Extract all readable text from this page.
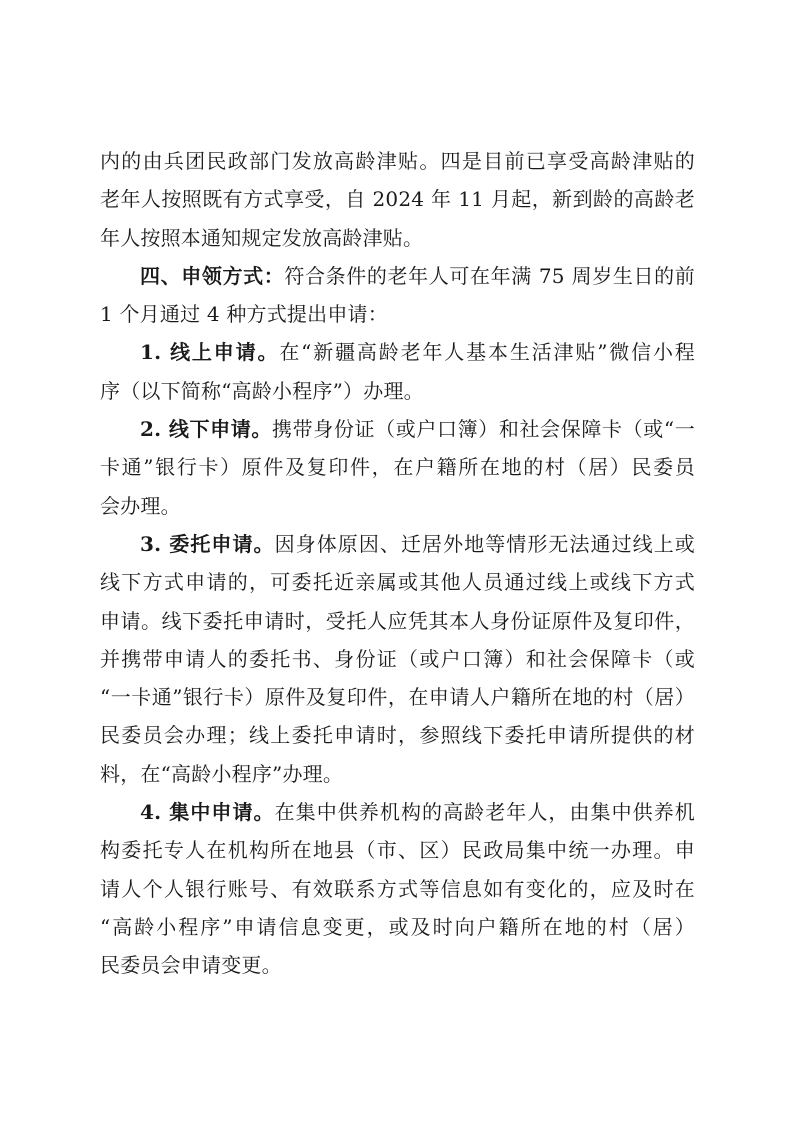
内的由兵团民政部门发放高龄津贴。四是目前已享受高龄津贴的
老年人按照既有方式享受，自 2024 年 11 月起，新到龄的高龄老
年人按照本通知规定发放高龄津贴。
四、申领方式：符合条件的老年人可在年满 75 周岁生日的前
1 个月通过 4 种方式提出申请：
1. 线上申请。在“新疆高龄老年人基本生活津贴”微信小程
序（以下简称“高龄小程序”）办理。
2. 线下申请。携带身份证（或户口簿）和社会保障卡（或“一
卡通”银行卡）原件及复印件，在户籍所在地的村（居）民委员
会办理。
3. 委托申请。因身体原因、迁居外地等情形无法通过线上或
线下方式申请的，可委托近亲属或其他人员通过线上或线下方式
申请。线下委托申请时，受托人应凭其本人身份证原件及复印件，
并携带申请人的委托书、身份证（或户口簿）和社会保障卡（或
“一卡通”银行卡）原件及复印件，在申请人户籍所在地的村（居）
民委员会办理；线上委托申请时，参照线下委托申请所提供的材
料，在“高龄小程序”办理。
4. 集中申请。在集中供养机构的高龄老年人，由集中供养机
构委托专人在机构所在地县（市、区）民政局集中统一办理。申
请人个人银行账号、有效联系方式等信息如有变化的，应及时在
“高龄小程序”申请信息变更，或及时向户籍所在地的村（居）
民委员会申请变更。
